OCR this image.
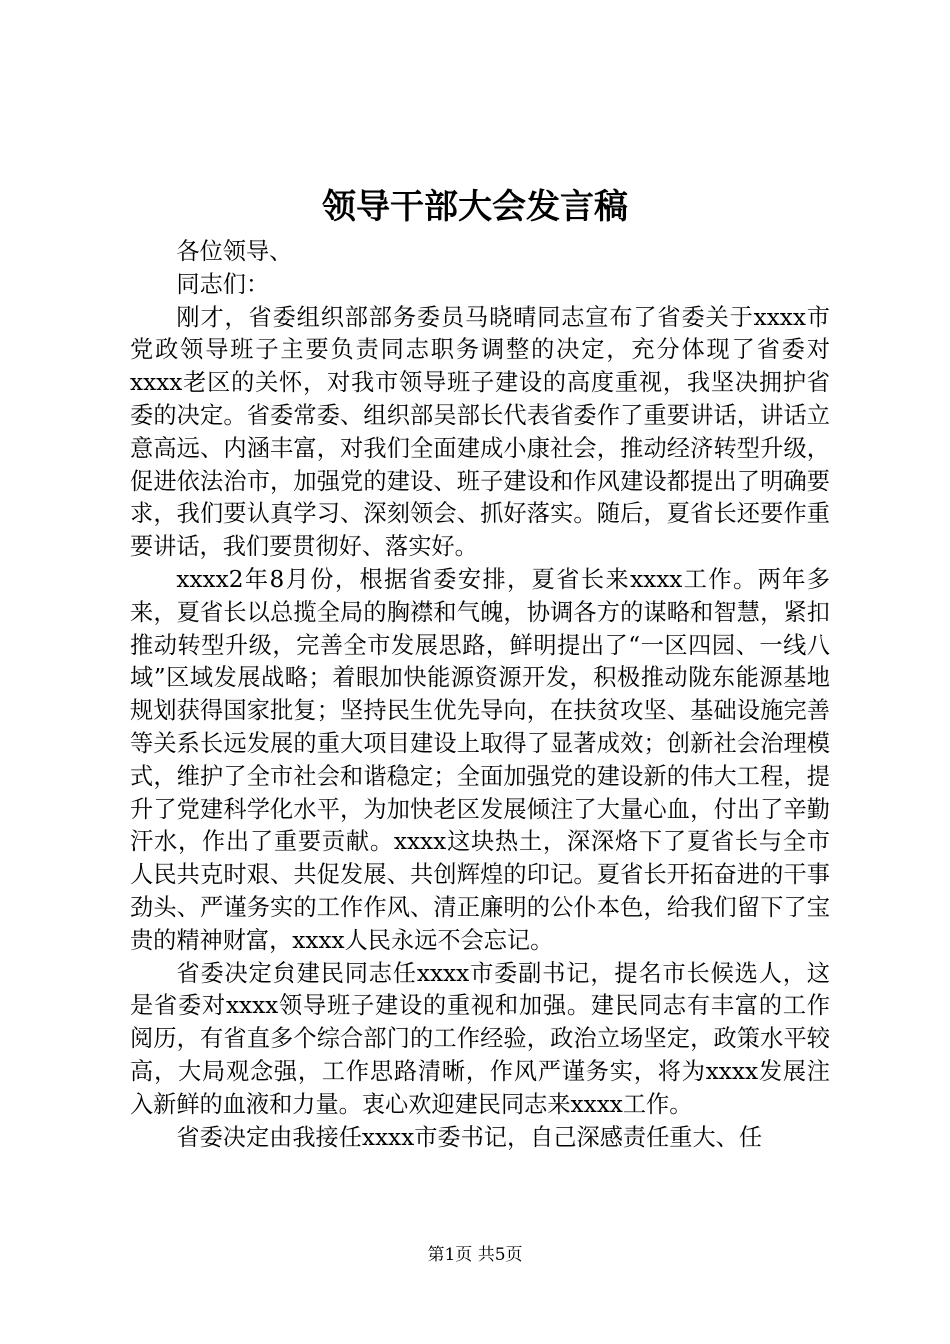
领导干部大会发言稿

各位领导、

同志们：

刚才，省委组织部部务委员马晓晴同志宣布了省委关于xxxx市党政领导班子主要负责同志职务调整的决定，充分体现了省委对xxxx老区的关怀，对我市领导班子建设的高度重视，我坚决拥护省委的决定。省委常委、组织部吴部长代表省委作了重要讲话，讲话立意高远、内涵丰富，对我们全面建成小康社会，推动经济转型升级，促进依法治市，加强党的建设、班子建设和作风建设都提出了明确要求，我们要认真学习、深刻领会、抓好落实。随后，夏省长还要作重要讲话，我们要贯彻好、落实好。

xxxx2年8月份，根据省委安排，夏省长来xxxx工作。两年多来，夏省长以总揽全局的胸襟和气魄，协调各方的谋略和智慧，紧扣推动转型升级，完善全市发展思路，鲜明提出了“一区四园、一线八域”区域发展战略；着眼加快能源资源开发，积极推动陇东能源基地规划获得国家批复；坚持民生优先导向，在扶贫攻坚、基础设施完善等关系长远发展的重大项目建设上取得了显著成效；创新社会治理模式，维护了全市社会和谐稳定；全面加强党的建设新的伟大工程，提升了党建科学化水平，为加快老区发展倾注了大量心血，付出了辛勤汗水，作出了重要贡献。xxxx这块热土，深深烙下了夏省长与全市人民共克时艰、共促发展、共创辉煌的印记。夏省长开拓奋进的干事劲头、严谨务实的工作作风、清正廉明的公仆本色，给我们留下了宝贵的精神财富，xxxx人民永远不会忘记。

省委决定贠建民同志任xxxx市委副书记，提名市长候选人，这是省委对xxxx领导班子建设的重视和加强。建民同志有丰富的工作阅历，有省直多个综合部门的工作经验，政治立场坚定，政策水平较高，大局观念强，工作思路清晰，作风严谨务实，将为xxxx发展注入新鲜的血液和力量。衷心欢迎建民同志来xxxx工作。

省委决定由我接任xxxx市委书记，自己深感责任重大、任

第1页 共5页
